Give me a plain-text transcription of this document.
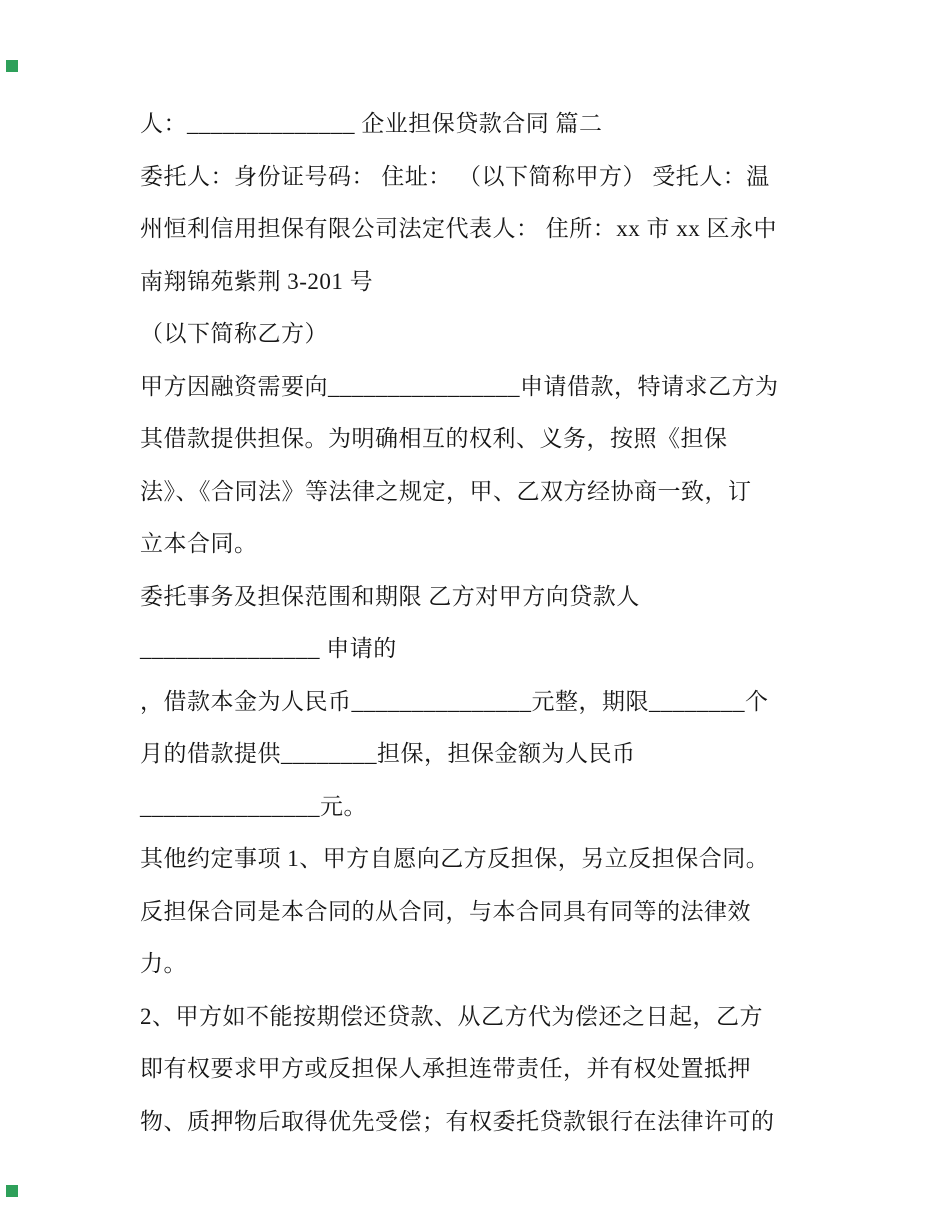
人：______________ 企业担保贷款合同 篇二
委托人：身份证号码： 住址： （以下简称甲方） 受托人：温
州恒利信用担保有限公司法定代表人： 住所：xx 市 xx 区永中
南翔锦苑紫荆 3-201 号
（以下简称乙方）
甲方因融资需要向________________申请借款，特请求乙方为
其借款提供担保。为明确相互的权利、义务，按照《担保
法》、《合同法》等法律之规定，甲、乙双方经协商一致，订
立本合同。
委托事务及担保范围和期限 乙方对甲方向贷款人
_______________ 申请的
，借款本金为人民币_______________元整，期限________个
月的借款提供________担保，担保金额为人民币
_______________元。
其他约定事项 1、甲方自愿向乙方反担保，另立反担保合同。
反担保合同是本合同的从合同，与本合同具有同等的法律效
力。
2、甲方如不能按期偿还贷款、从乙方代为偿还之日起，乙方
即有权要求甲方或反担保人承担连带责任，并有权处置抵押
物、质押物后取得优先受偿；有权委托贷款银行在法律许可的
